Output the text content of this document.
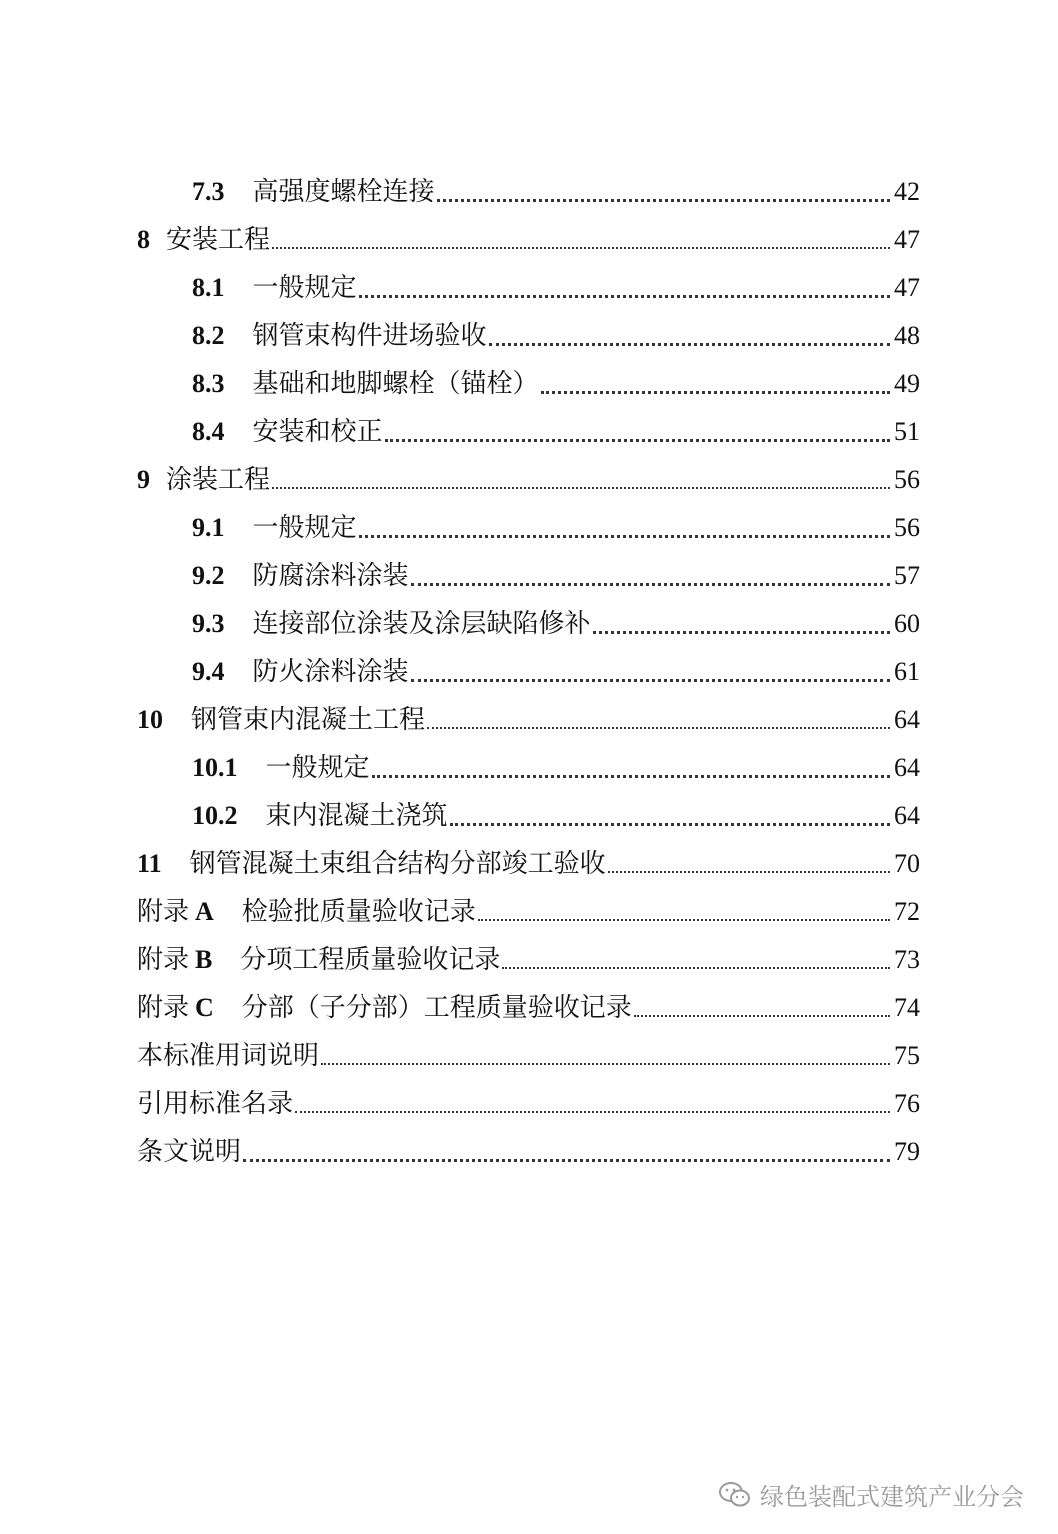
7.3 高强度螺栓连接	42
8 安装工程	47
8.1 一般规定	47
8.2 钢管束构件进场验收	48
8.3 基础和地脚螺栓（锚栓）	49
8.4 安装和校正	51
9 涂装工程	56
9.1 一般规定	56
9.2 防腐涂料涂装	57
9.3 连接部位涂装及涂层缺陷修补	60
9.4 防火涂料涂装	61
10 钢管束内混凝土工程	64
10.1 一般规定	64
10.2 束内混凝土浇筑	64
11 钢管混凝土束组合结构分部竣工验收	70
附录 A 检验批质量验收记录	72
附录 B 分项工程质量验收记录	73
附录 C 分部（子分部）工程质量验收记录	74
本标准用词说明	75
引用标准名录	76
条文说明	79
绿色装配式建筑产业分会
